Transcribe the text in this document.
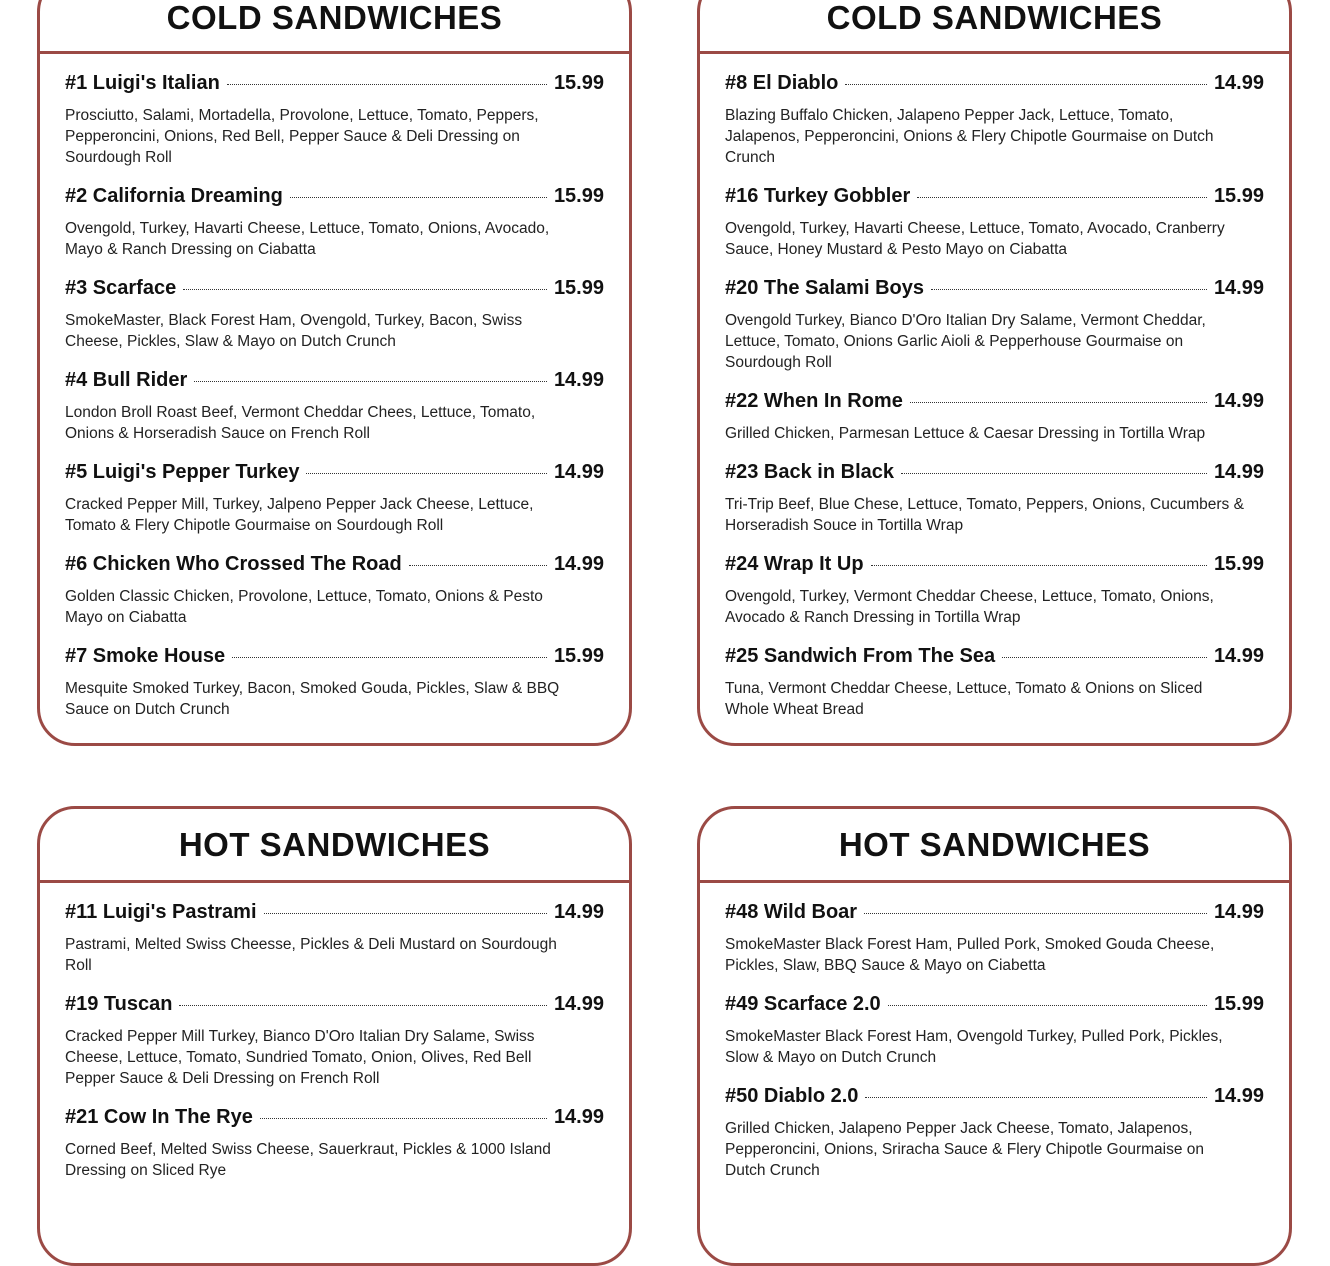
COLD SANDWICHES
#1 Luigi's Italian	15.99
Prosciutto, Salami, Mortadella, Provolone, Lettuce, Tomato, Peppers, Pepperoncini, Onions, Red Bell, Pepper Sauce & Deli Dressing on Sourdough Roll
#2 California Dreaming	15.99
Ovengold, Turkey, Havarti Cheese, Lettuce, Tomato, Onions, Avocado, Mayo & Ranch Dressing on Ciabatta
#3 Scarface	15.99
SmokeMaster, Black Forest Ham, Ovengold, Turkey, Bacon, Swiss Cheese, Pickles, Slaw & Mayo on Dutch Crunch
#4 Bull Rider	14.99
London Broll Roast Beef, Vermont Cheddar Chees, Lettuce, Tomato, Onions & Horseradish Sauce on French Roll
#5 Luigi's Pepper Turkey	14.99
Cracked Pepper Mill, Turkey, Jalpeno Pepper Jack Cheese, Lettuce, Tomato & Flery Chipotle Gourmaise on Sourdough Roll
#6 Chicken Who Crossed The Road	14.99
Golden Classic Chicken, Provolone, Lettuce, Tomato, Onions & Pesto Mayo on Ciabatta
#7 Smoke House	15.99
Mesquite Smoked Turkey, Bacon, Smoked Gouda, Pickles, Slaw & BBQ Sauce on Dutch Crunch
COLD SANDWICHES
#8 El Diablo	14.99
Blazing Buffalo Chicken, Jalapeno Pepper Jack, Lettuce, Tomato, Jalapenos, Pepperoncini, Onions & Flery Chipotle Gourmaise on Dutch Crunch
#16 Turkey Gobbler	15.99
Ovengold, Turkey, Havarti Cheese, Lettuce, Tomato, Avocado, Cranberry Sauce, Honey Mustard & Pesto Mayo on Ciabatta
#20 The Salami Boys	14.99
Ovengold Turkey, Bianco D'Oro Italian Dry Salame, Vermont Cheddar, Lettuce, Tomato, Onions Garlic Aioli & Pepperhouse Gourmaise on Sourdough Roll
#22 When In Rome	14.99
Grilled Chicken, Parmesan Lettuce & Caesar Dressing in Tortilla Wrap
#23 Back in Black	14.99
Tri-Trip Beef, Blue Chese, Lettuce, Tomato, Peppers, Onions, Cucumbers & Horseradish Souce in Tortilla Wrap
#24 Wrap It Up	15.99
Ovengold, Turkey, Vermont Cheddar Cheese, Lettuce, Tomato, Onions, Avocado & Ranch Dressing in Tortilla Wrap
#25 Sandwich From The Sea	14.99
Tuna, Vermont Cheddar Cheese, Lettuce, Tomato & Onions on Sliced Whole Wheat Bread
HOT SANDWICHES
#11 Luigi's Pastrami	14.99
Pastrami, Melted Swiss Cheesse, Pickles & Deli Mustard on Sourdough Roll
#19 Tuscan	14.99
Cracked Pepper Mill Turkey, Bianco D'Oro Italian Dry Salame, Swiss Cheese, Lettuce, Tomato, Sundried Tomato, Onion, Olives, Red Bell Pepper Sauce & Deli Dressing on French Roll
#21 Cow In The Rye	14.99
Corned Beef, Melted Swiss Cheese, Sauerkraut, Pickles & 1000 Island Dressing on Sliced Rye
HOT SANDWICHES
#48 Wild Boar	14.99
SmokeMaster Black Forest Ham, Pulled Pork, Smoked Gouda Cheese, Pickles, Slaw, BBQ Sauce & Mayo on Ciabetta
#49 Scarface 2.0	15.99
SmokeMaster Black Forest Ham, Ovengold Turkey, Pulled Pork, Pickles, Slow & Mayo on Dutch Crunch
#50 Diablo 2.0	14.99
Grilled Chicken, Jalapeno Pepper Jack Cheese, Tomato, Jalapenos, Pepperoncini, Onions, Sriracha Sauce & Flery Chipotle Gourmaise on Dutch Crunch
